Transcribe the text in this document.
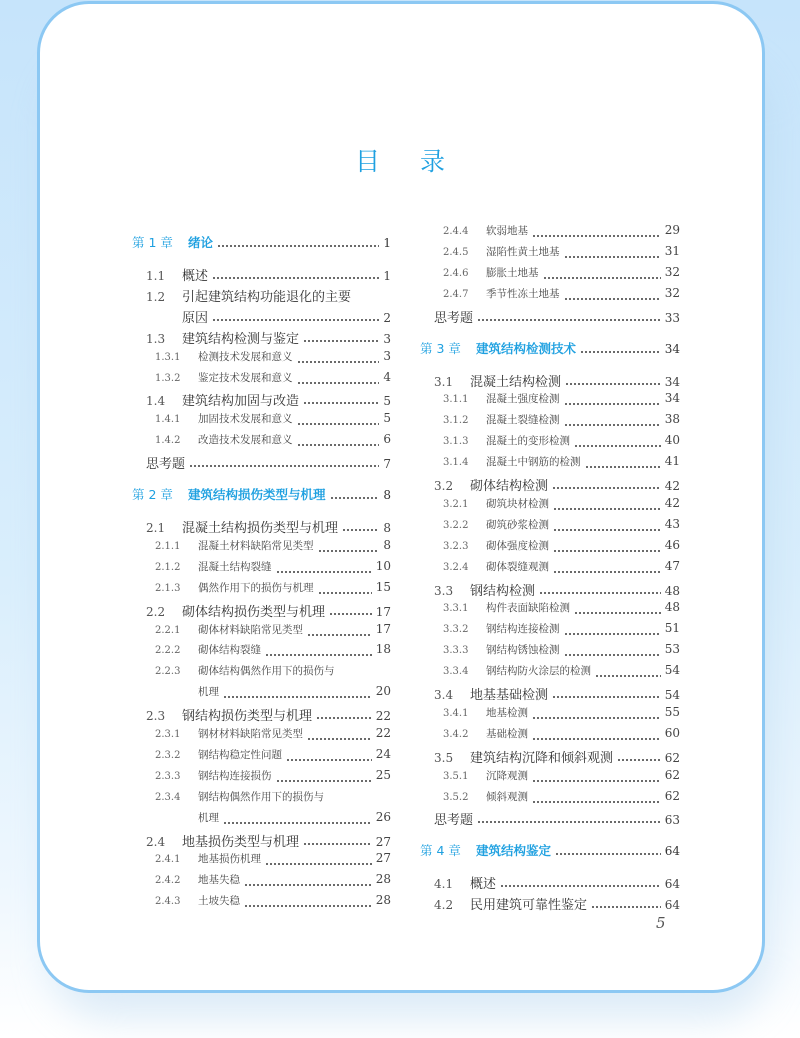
目录
第 1 章	绪论	1
1.1	概述	1
1.2	引起建筑结构功能退化的主要
原因	2
1.3	建筑结构检测与鉴定	3
1.3.1	检测技术发展和意义	3
1.3.2	鉴定技术发展和意义	4
1.4	建筑结构加固与改造	5
1.4.1	加固技术发展和意义	5
1.4.2	改造技术发展和意义	6
思考题	7
第 2 章	建筑结构损伤类型与机理	8
2.1	混凝土结构损伤类型与机理	8
2.1.1	混凝土材料缺陷常见类型	8
2.1.2	混凝土结构裂缝	10
2.1.3	偶然作用下的损伤与机理	15
2.2	砌体结构损伤类型与机理	17
2.2.1	砌体材料缺陷常见类型	17
2.2.2	砌体结构裂缝	18
2.2.3	砌体结构偶然作用下的损伤与
机理	20
2.3	钢结构损伤类型与机理	22
2.3.1	钢材材料缺陷常见类型	22
2.3.2	钢结构稳定性问题	24
2.3.3	钢结构连接损伤	25
2.3.4	钢结构偶然作用下的损伤与
机理	26
2.4	地基损伤类型与机理	27
2.4.1	地基损伤机理	27
2.4.2	地基失稳	28
2.4.3	土坡失稳	28
2.4.4	软弱地基	29
2.4.5	湿陷性黄土地基	31
2.4.6	膨胀土地基	32
2.4.7	季节性冻土地基	32
思考题	33
第 3 章	建筑结构检测技术	34
3.1	混凝土结构检测	34
3.1.1	混凝土强度检测	34
3.1.2	混凝土裂缝检测	38
3.1.3	混凝土的变形检测	40
3.1.4	混凝土中钢筋的检测	41
3.2	砌体结构检测	42
3.2.1	砌筑块材检测	42
3.2.2	砌筑砂浆检测	43
3.2.3	砌体强度检测	46
3.2.4	砌体裂缝观测	47
3.3	钢结构检测	48
3.3.1	构件表面缺陷检测	48
3.3.2	钢结构连接检测	51
3.3.3	钢结构锈蚀检测	53
3.3.4	钢结构防火涂层的检测	54
3.4	地基基础检测	54
3.4.1	地基检测	55
3.4.2	基础检测	60
3.5	建筑结构沉降和倾斜观测	62
3.5.1	沉降观测	62
3.5.2	倾斜观测	62
思考题	63
第 4 章	建筑结构鉴定	64
4.1	概述	64
4.2	民用建筑可靠性鉴定	64
5
